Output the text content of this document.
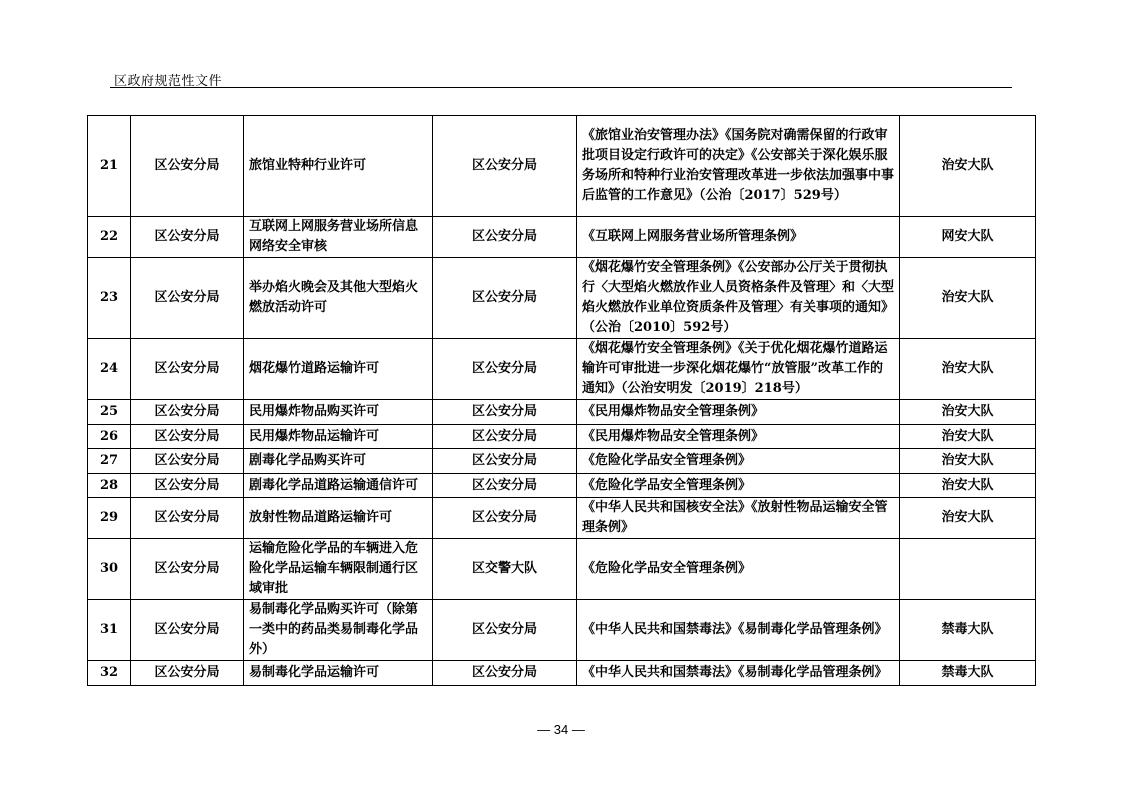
区政府规范性文件
21	区公安分局	旅馆业特种行业许可	区公安分局	《旅馆业治安管理办法》《国务院对确需保留的行政审批项目设定行政许可的决定》《公安部关于深化娱乐服务场所和特种行业治安管理改革进一步依法加强事中事后监管的工作意见》（公治〔2017〕529号）	治安大队
22	区公安分局	互联网上网服务营业场所信息网络安全审核	区公安分局	《互联网上网服务营业场所管理条例》	网安大队
23	区公安分局	举办焰火晚会及其他大型焰火燃放活动许可	区公安分局	《烟花爆竹安全管理条例》《公安部办公厅关于贯彻执行〈大型焰火燃放作业人员资格条件及管理〉和〈大型焰火燃放作业单位资质条件及管理〉有关事项的通知》（公治〔2010〕592号）	治安大队
24	区公安分局	烟花爆竹道路运输许可	区公安分局	《烟花爆竹安全管理条例》《关于优化烟花爆竹道路运输许可审批进一步深化烟花爆竹“放管服”改革工作的通知》（公治安明发〔2019〕218号）	治安大队
25	区公安分局	民用爆炸物品购买许可	区公安分局	《民用爆炸物品安全管理条例》	治安大队
26	区公安分局	民用爆炸物品运输许可	区公安分局	《民用爆炸物品安全管理条例》	治安大队
27	区公安分局	剧毒化学品购买许可	区公安分局	《危险化学品安全管理条例》	治安大队
28	区公安分局	剧毒化学品道路运输通信许可	区公安分局	《危险化学品安全管理条例》	治安大队
29	区公安分局	放射性物品道路运输许可	区公安分局	《中华人民共和国核安全法》《放射性物品运输安全管理条例》	治安大队
30	区公安分局	运输危险化学品的车辆进入危险化学品运输车辆限制通行区域审批	区交警大队	《危险化学品安全管理条例》	
31	区公安分局	易制毒化学品购买许可（除第一类中的药品类易制毒化学品外）	区公安分局	《中华人民共和国禁毒法》《易制毒化学品管理条例》	禁毒大队
32	区公安分局	易制毒化学品运输许可	区公安分局	《中华人民共和国禁毒法》《易制毒化学品管理条例》	禁毒大队
— 34 —
